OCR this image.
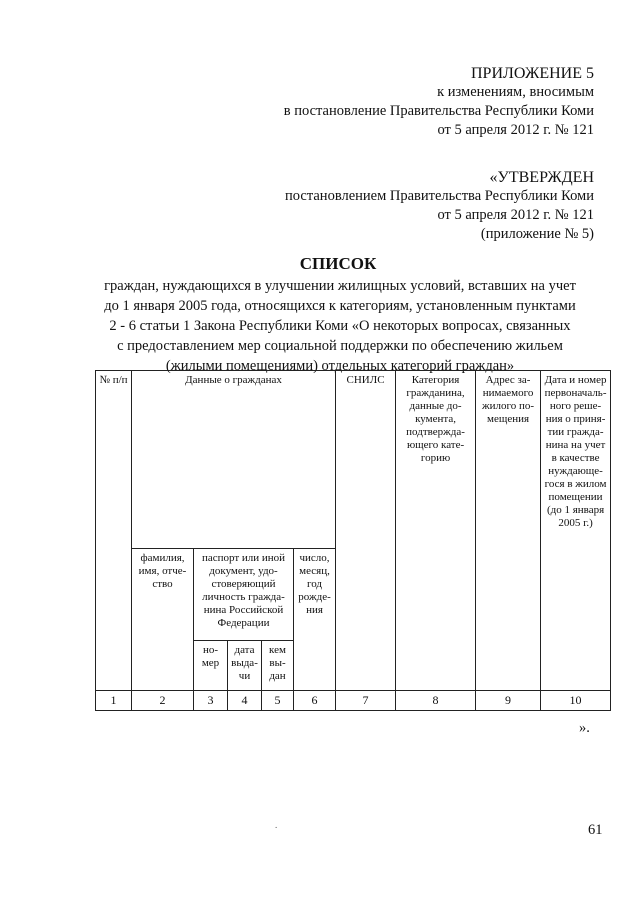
ПРИЛОЖЕНИЕ 5
к изменениям, вносимым
в постановление Правительства Республики Коми
от 5 апреля 2012 г. № 121
«УТВЕРЖДЕН
постановлением Правительства Республики Коми
от 5 апреля 2012 г. № 121
(приложение № 5)
СПИСОК
граждан, нуждающихся в улучшении жилищных условий, вставших на учет
до 1 января 2005 года, относящихся к категориям, установленным пунктами
2 - 6 статьи 1 Закона Республики Коми «О некоторых вопросах, связанных
с предоставлением мер социальной поддержки по обеспечению жильем
(жилыми помещениями) отдельных категорий граждан»
№ п/п	Данные о гражданах					СНИЛС	Категория гражданина, данные до-кумента, подтвержда-ющего кате-горию	Адрес за-нимаемого жилого по-мещения	Дата и номер первоначаль-ного реше-ния о приня-тии граждa-нина на учет в качестве нуждающе-гося в жилом помещении (до 1 января 2005 г.)
	фамилия, имя, отче-ство	паспорт или иной документ, удо-стоверяющий личность гражда-нина Российской Федерации			число, месяц, год рожде-ния				
		но-мер	дата выда-чи	кем вы-дан					
1	2	3	4	5	6	7	8	9	10
».
.	61
